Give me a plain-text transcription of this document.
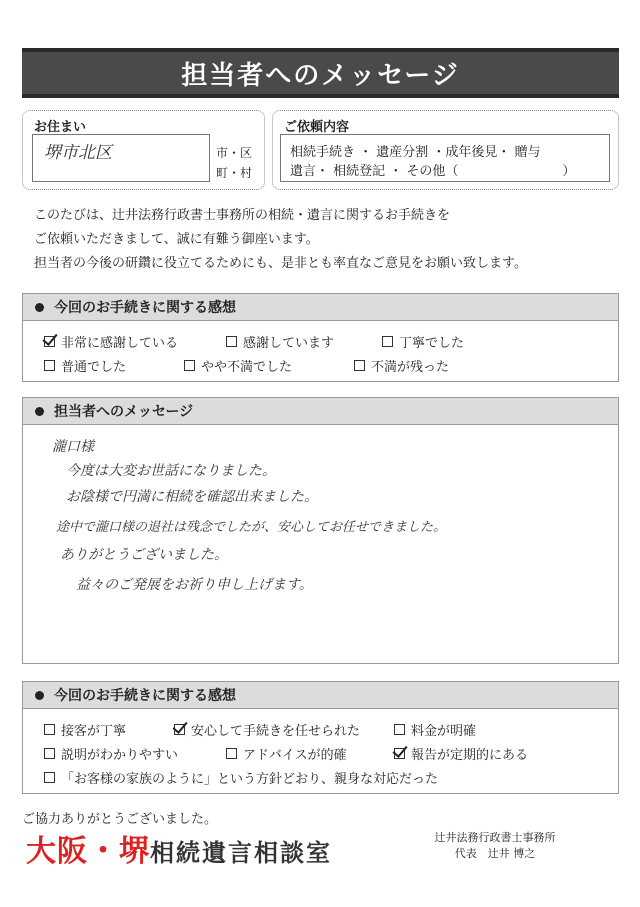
担当者へのメッセージ
お住まい
堺市北区	市・区
町・村
ご依頼内容
相続手続き ・ 遺産分割 ・成年後見・ 贈与
遺言・ 相続登記 ・ その他（　　　　　　　　）
このたびは、辻井法務行政書士事務所の相続・遺言に関するお手続きを
ご依頼いただきまして、誠に有難う御座います。
担当者の今後の研鑽に役立てるためにも、是非とも率直なご意見をお願い致します。
今回のお手続きに関する感想
非常に感謝している	感謝しています	丁寧でした
普通でした	やや不満でした	不満が残った
担当者へのメッセージ
瀧口様
今度は大変お世話になりました。
お陰様で円満に相続を確認出来ました。
途中で瀧口様の退社は残念でしたが、安心してお任せできました。
ありがとうございました。
益々のご発展をお祈り申し上げます。
今回のお手続きに関する感想
接客が丁寧	安心して手続きを任せられた	料金が明確
説明がわかりやすい	アドバイスが的確	報告が定期的にある
「お客様の家族のように」という方針どおり、親身な対応だった
ご協力ありがとうございました。
大阪・堺相続遺言相談室
辻井法務行政書士事務所
代表　辻井 博之
